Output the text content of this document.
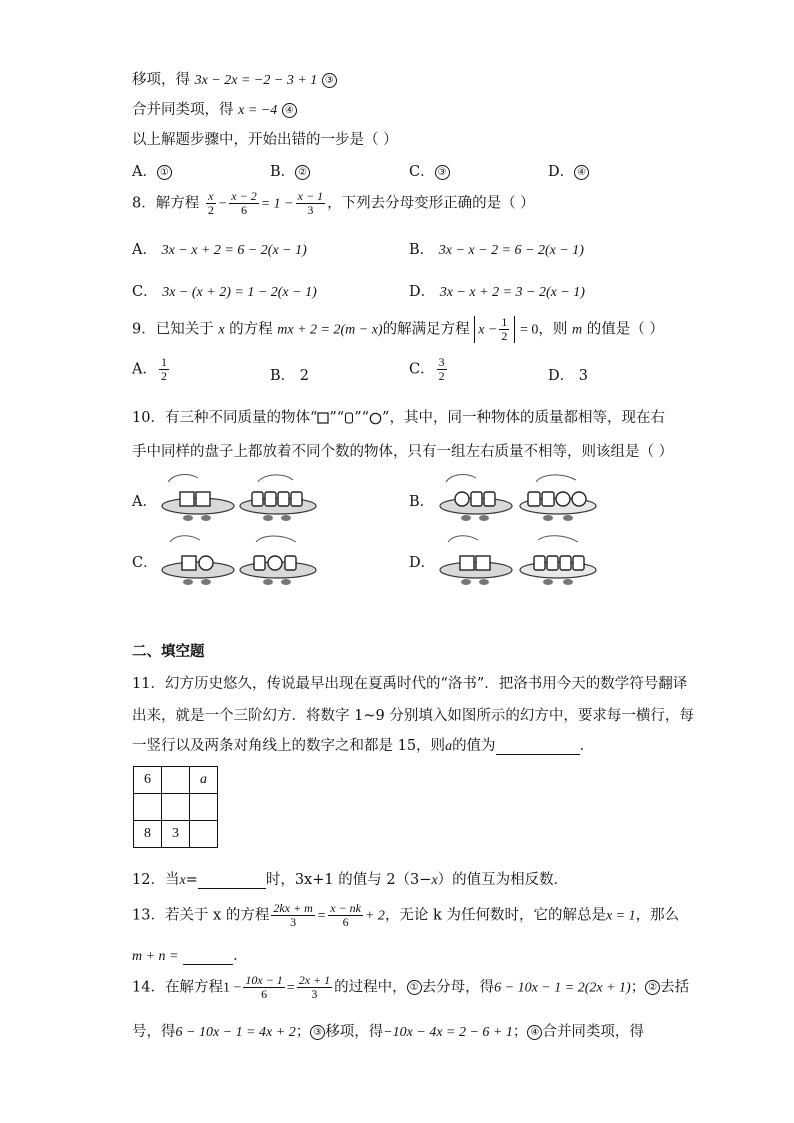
移项，得 3x − 2x = −2 − 3 + 1 ③
合并同类项，得 x = −4 ④
以上解题步骤中，开始出错的一步是（ ）
A． ①	B． ②	C． ③	D． ④
8．解方程 $\frac{x}{2} - \frac{x - 2}{6} = 1 - \frac{x - 1}{3}$ ，下列去分母变形正确的是（ ）
A． 3x − x + 2 = 6 − 2(x − 1)	B． 3x − x − 2 = 6 − 2(x − 1)
C． 3x − (x + 2) = 1 − 2(x − 1)	D． 3x − x + 2 = 3 − 2(x − 1)
9．已知关于 x 的方程 mx + 2 = 2(m − x)的解满足方程 $x - \frac{1}{2} = 0$，则 m 的值是（ ）
A． $\frac{1}{2}$	B． 2	C． $\frac{3}{2}$	D． 3
10．有三种不同质量的物体“ ”“ ”“ ”，其中，同一种物体的质量都相等，现在右
手中同样的盘子上都放着不同个数的物体，只有一组左右质量不相等，则该组是（ ）
A．	B．
C．	D．
二、填空题
11．幻方历史悠久，传说最早出现在夏禹时代的“洛书”．把洛书用今天的数学符号翻译
出来，就是一个三阶幻方．将数字 1~9 分别填入如图所示的幻方中，要求每一横行，每
一竖行以及两条对角线上的数字之和都是 15，则a的值为	．
6		a

8	3	
12．当x=	时，3x+1 的值与 2（3−x）的值互为相反数．
13．若关于 x 的方程 $\frac{2kx + m}{3} = \frac{x - nk}{6} + 2$，无论 k 为任何数时，它的解总是x = 1，那么
m + n =	．
14．在解方程$1 - \frac{10x - 1}{6} = \frac{2x + 1}{3}$ 的过程中， ① 去分母，得6 − 10x − 1 = 2(2x + 1)； ② 去括
号，得6 − 10x − 1 = 4x + 2； ③ 移项，得−10x − 4x = 2 − 6 + 1； ④ 合并同类项，得
